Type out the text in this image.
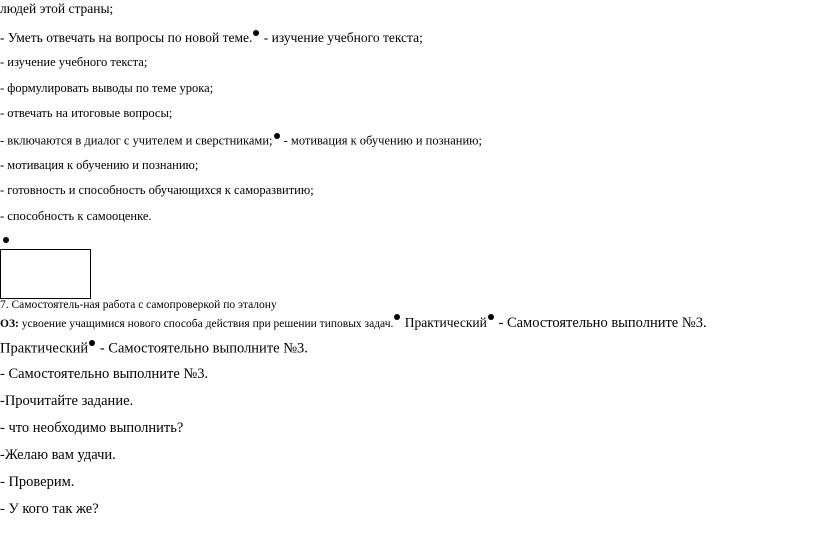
людей этой страны;
- Уметь отвечать на вопросы по новой теме. - изучение учебного текста;
- изучение учебного текста;
- формулировать выводы по теме урока;
- отвечать на итоговые вопросы;
- включаются в диалог с учителем и сверстниками; - мотивация к обучению и познанию;
- мотивация к обучению и познанию;
- готовность и способность обучающихся к саморазвитию;
- способность к самооценке.
7. Самостоятель-ная работа с самопроверкой по эталону
ОЗ: усвоение учащимися нового способа действия при решении типовых задач. Практический - Самостоятельно выполните №3.
Практический - Самостоятельно выполните №3.
- Самостоятельно выполните №3.
-Прочитайте задание.
- что необходимо выполнить?
-Желаю вам удачи.
- Проверим.
- У кого так же?
